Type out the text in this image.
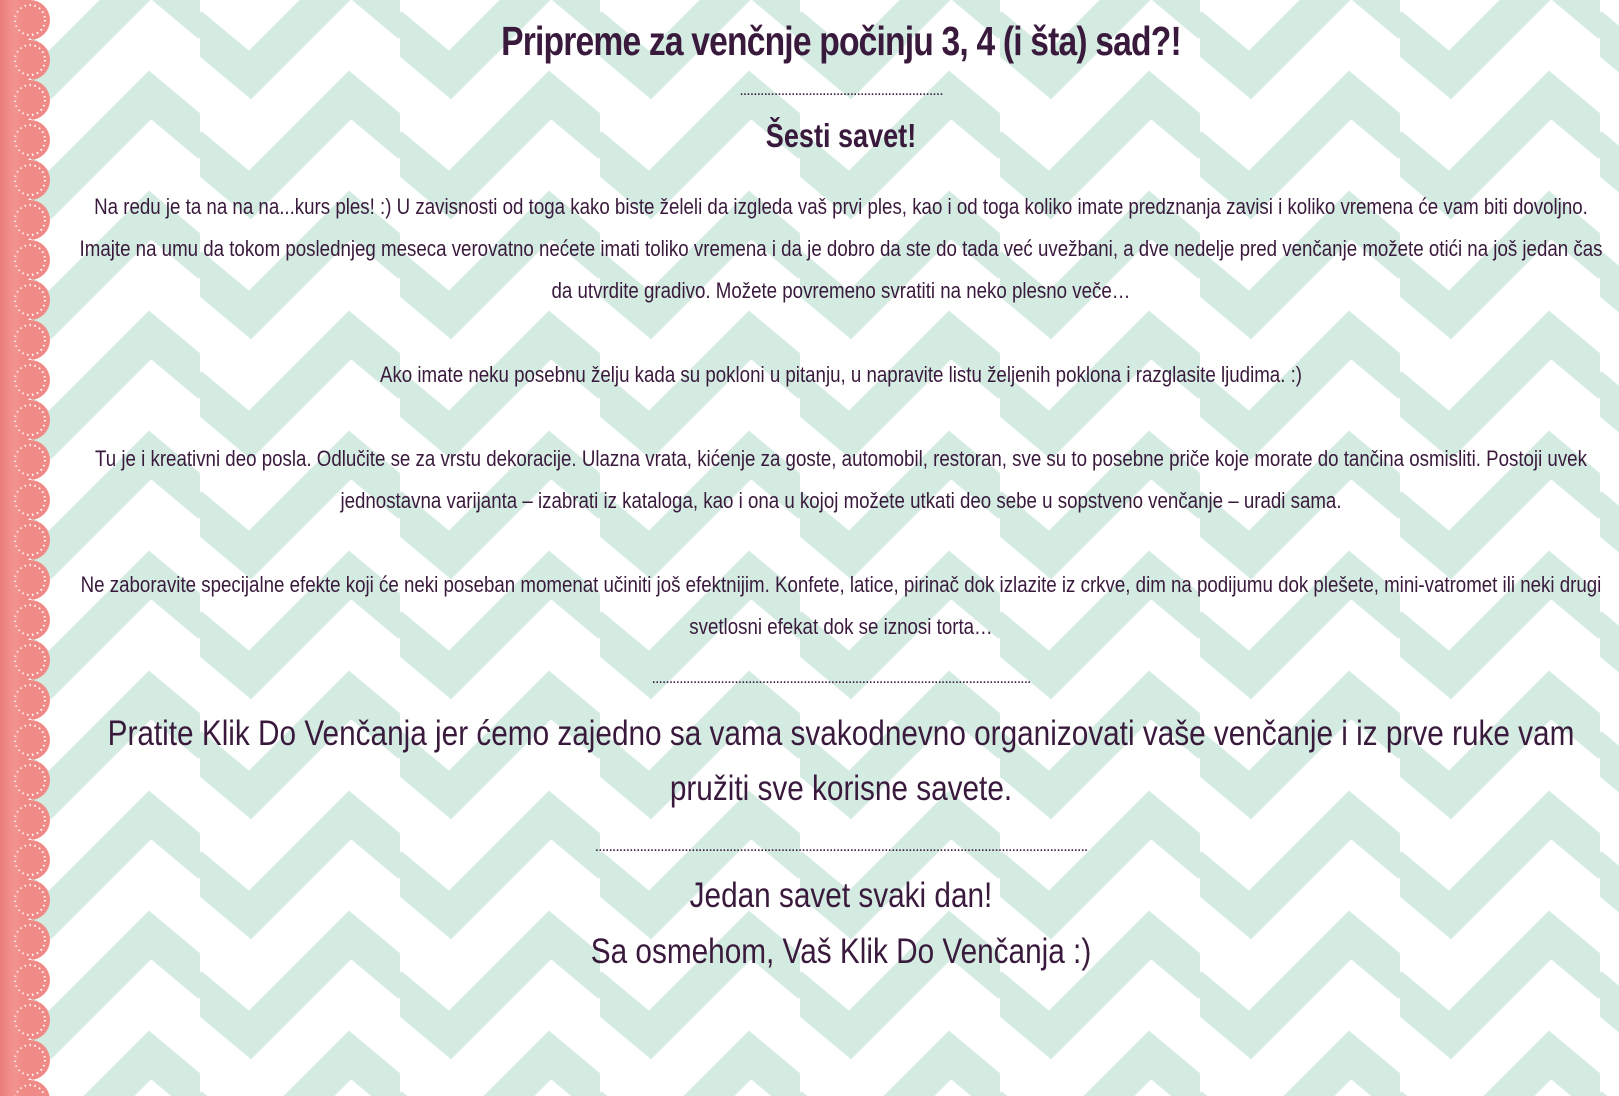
Pripreme za venčnje počinju 3, 4 (i šta) sad?!
...........................................................
Šesti savet!

Na redu je ta na na na...kurs ples! :) U zavisnosti od toga kako biste želeli da izgleda vaš prvi ples, kao i od toga koliko imate predznanja zavisi i koliko vremena će vam biti dovoljno. Imajte na umu da tokom poslednjeg meseca verovatno nećete imati toliko vremena i da je dobro da ste do tada već uvežbani, a dve nedelje pred venčanje možete otići na još jedan čas da utvrdite gradivo. Možete povremeno svratiti na neko plesno veče…

Ako imate neku posebnu želju kada su pokloni u pitanju, u napravite listu željenih poklona i razglasite ljudima. :)

Tu je i kreativni deo posla. Odlučite se za vrstu dekoracije. Ulazna vrata, kićenje za goste, automobil, restoran, sve su to posebne priče koje morate do tančina osmisliti. Postoji uvek jednostavna varijanta – izabrati iz kataloga, kao i ona u kojoj možete utkati deo sebe u sopstveno venčanje – uradi sama.

Ne zaboravite specijalne efekte koji će neki poseban momenat učiniti još efektnijim. Konfete, latice, pirinač dok izlazite iz crkve, dim na podijumu dok plešete, mini-vatromet ili neki drugi svetlosni efekat dok se iznosi torta…

..............................................................................................................

Pratite Klik Do Venčanja jer ćemo zajedno sa vama svakodnevno organizovati vaše venčanje i iz prve ruke vam pružiti sve korisne savete.

...............................................................................................................................................
Jedan savet svaki dan!
Sa osmehom, Vaš Klik Do Venčanja :)
